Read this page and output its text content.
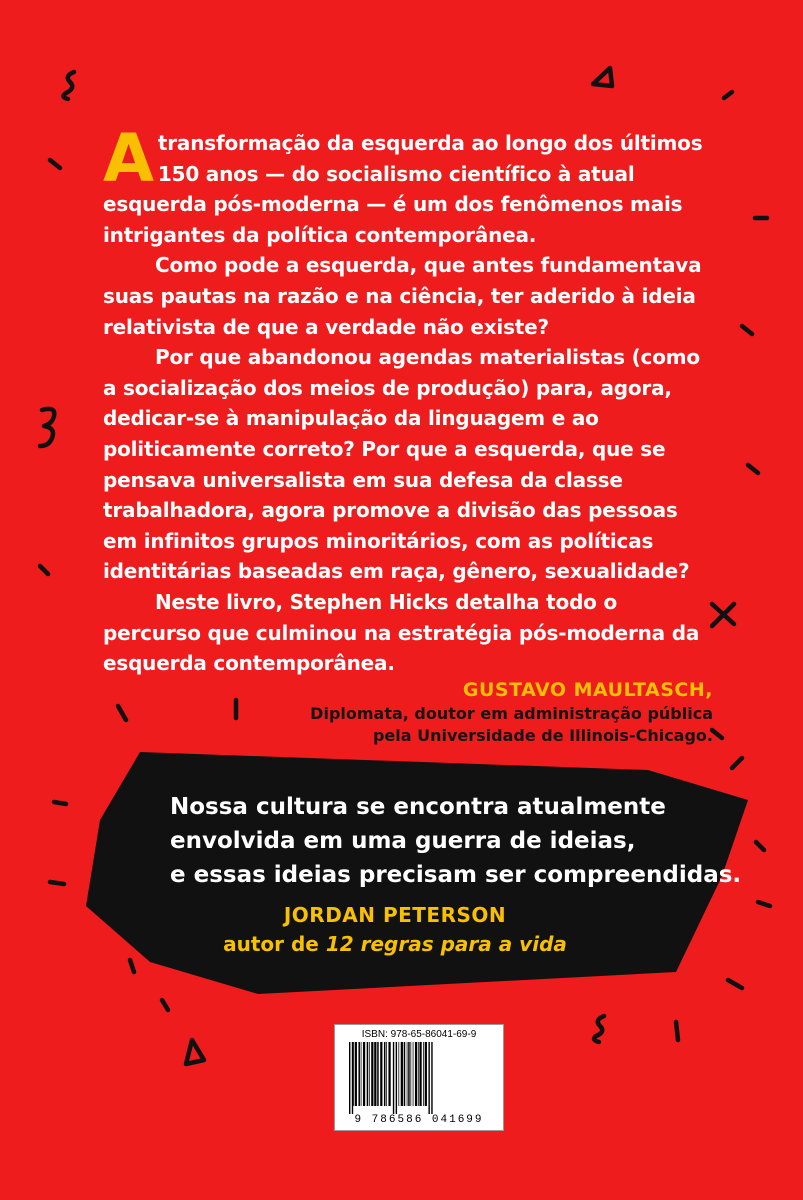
A transformação da esquerda ao longo dos últimos 150 anos — do socialismo científico à atual esquerda pós-moderna — é um dos fenômenos mais intrigantes da política contemporânea.

Como pode a esquerda, que antes fundamentava suas pautas na razão e na ciência, ter aderido à ideia relativista de que a verdade não existe?

Por que abandonou agendas materialistas (como a socialização dos meios de produção) para, agora, dedicar-se à manipulação da linguagem e ao politicamente correto? Por que a esquerda, que se pensava universalista em sua defesa da classe trabalhadora, agora promove a divisão das pessoas em infinitos grupos minoritários, com as políticas identitárias baseadas em raça, gênero, sexualidade?

Neste livro, Stephen Hicks detalha todo o percurso que culminou na estratégia pós-moderna da esquerda contemporânea.

GUSTAVO MAULTASCH,
Diplomata, doutor em administração pública
pela Universidade de Illinois-Chicago.
Nossa cultura se encontra atualmente
envolvida em uma guerra de ideias,
e essas ideias precisam ser compreendidas.
JORDAN PETERSON
autor de 12 regras para a vida
ISBN: 978-65-86041-69-9
9 786586 041699
